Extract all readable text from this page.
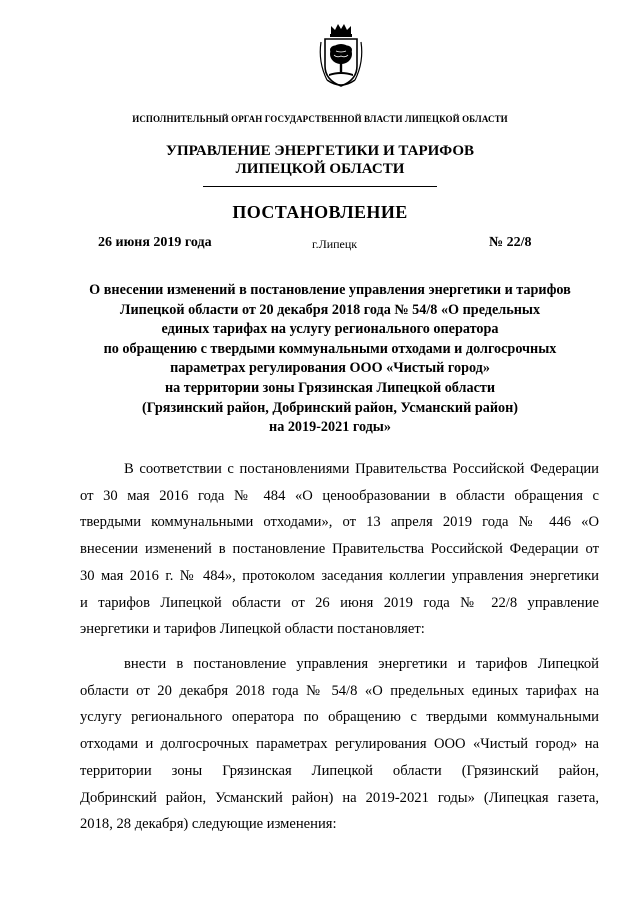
ИСПОЛНИТЕЛЬНЫЙ ОРГАН ГОСУДАРСТВЕННОЙ ВЛАСТИ ЛИПЕЦКОЙ ОБЛАСТИ
УПРАВЛЕНИЕ ЭНЕРГЕТИКИ И ТАРИФОВ
ЛИПЕЦКОЙ ОБЛАСТИ
ПОСТАНОВЛЕНИЕ
26 июня 2019 года	г.Липецк	№ 22/8
О внесении изменений в постановление управления энергетики и тарифов
Липецкой области от 20 декабря 2018 года № 54/8 «О предельных
единых тарифах на услугу регионального оператора
по обращению с твердыми коммунальными отходами и долгосрочных
параметрах регулирования ООО «Чистый город»
на территории зоны Грязинская Липецкой области
(Грязинский район, Добринский район, Усманский район)
на 2019-2021 годы»
В соответствии с постановлениями Правительства Российской Федерации
от 30 мая 2016 года № 484 «О ценообразовании в области обращения с
твердыми коммунальными отходами», от 13 апреля 2019 года № 446 «О
внесении изменений в постановление Правительства Российской Федерации от
30 мая 2016 г. № 484», протоколом заседания коллегии управления энергетики
и тарифов Липецкой области от 26 июня 2019 года № 22/8 управление
энергетики и тарифов Липецкой области постановляет:
внести в постановление управления энергетики и тарифов Липецкой
области от 20 декабря 2018 года № 54/8 «О предельных единых тарифах на
услугу регионального оператора по обращению с твердыми коммунальными
отходами и долгосрочных параметрах регулирования ООО «Чистый город» на
территории зоны Грязинская Липецкой области (Грязинский район,
Добринский район, Усманский район) на 2019-2021 годы» (Липецкая газета,
2018, 28 декабря) следующие изменения:
